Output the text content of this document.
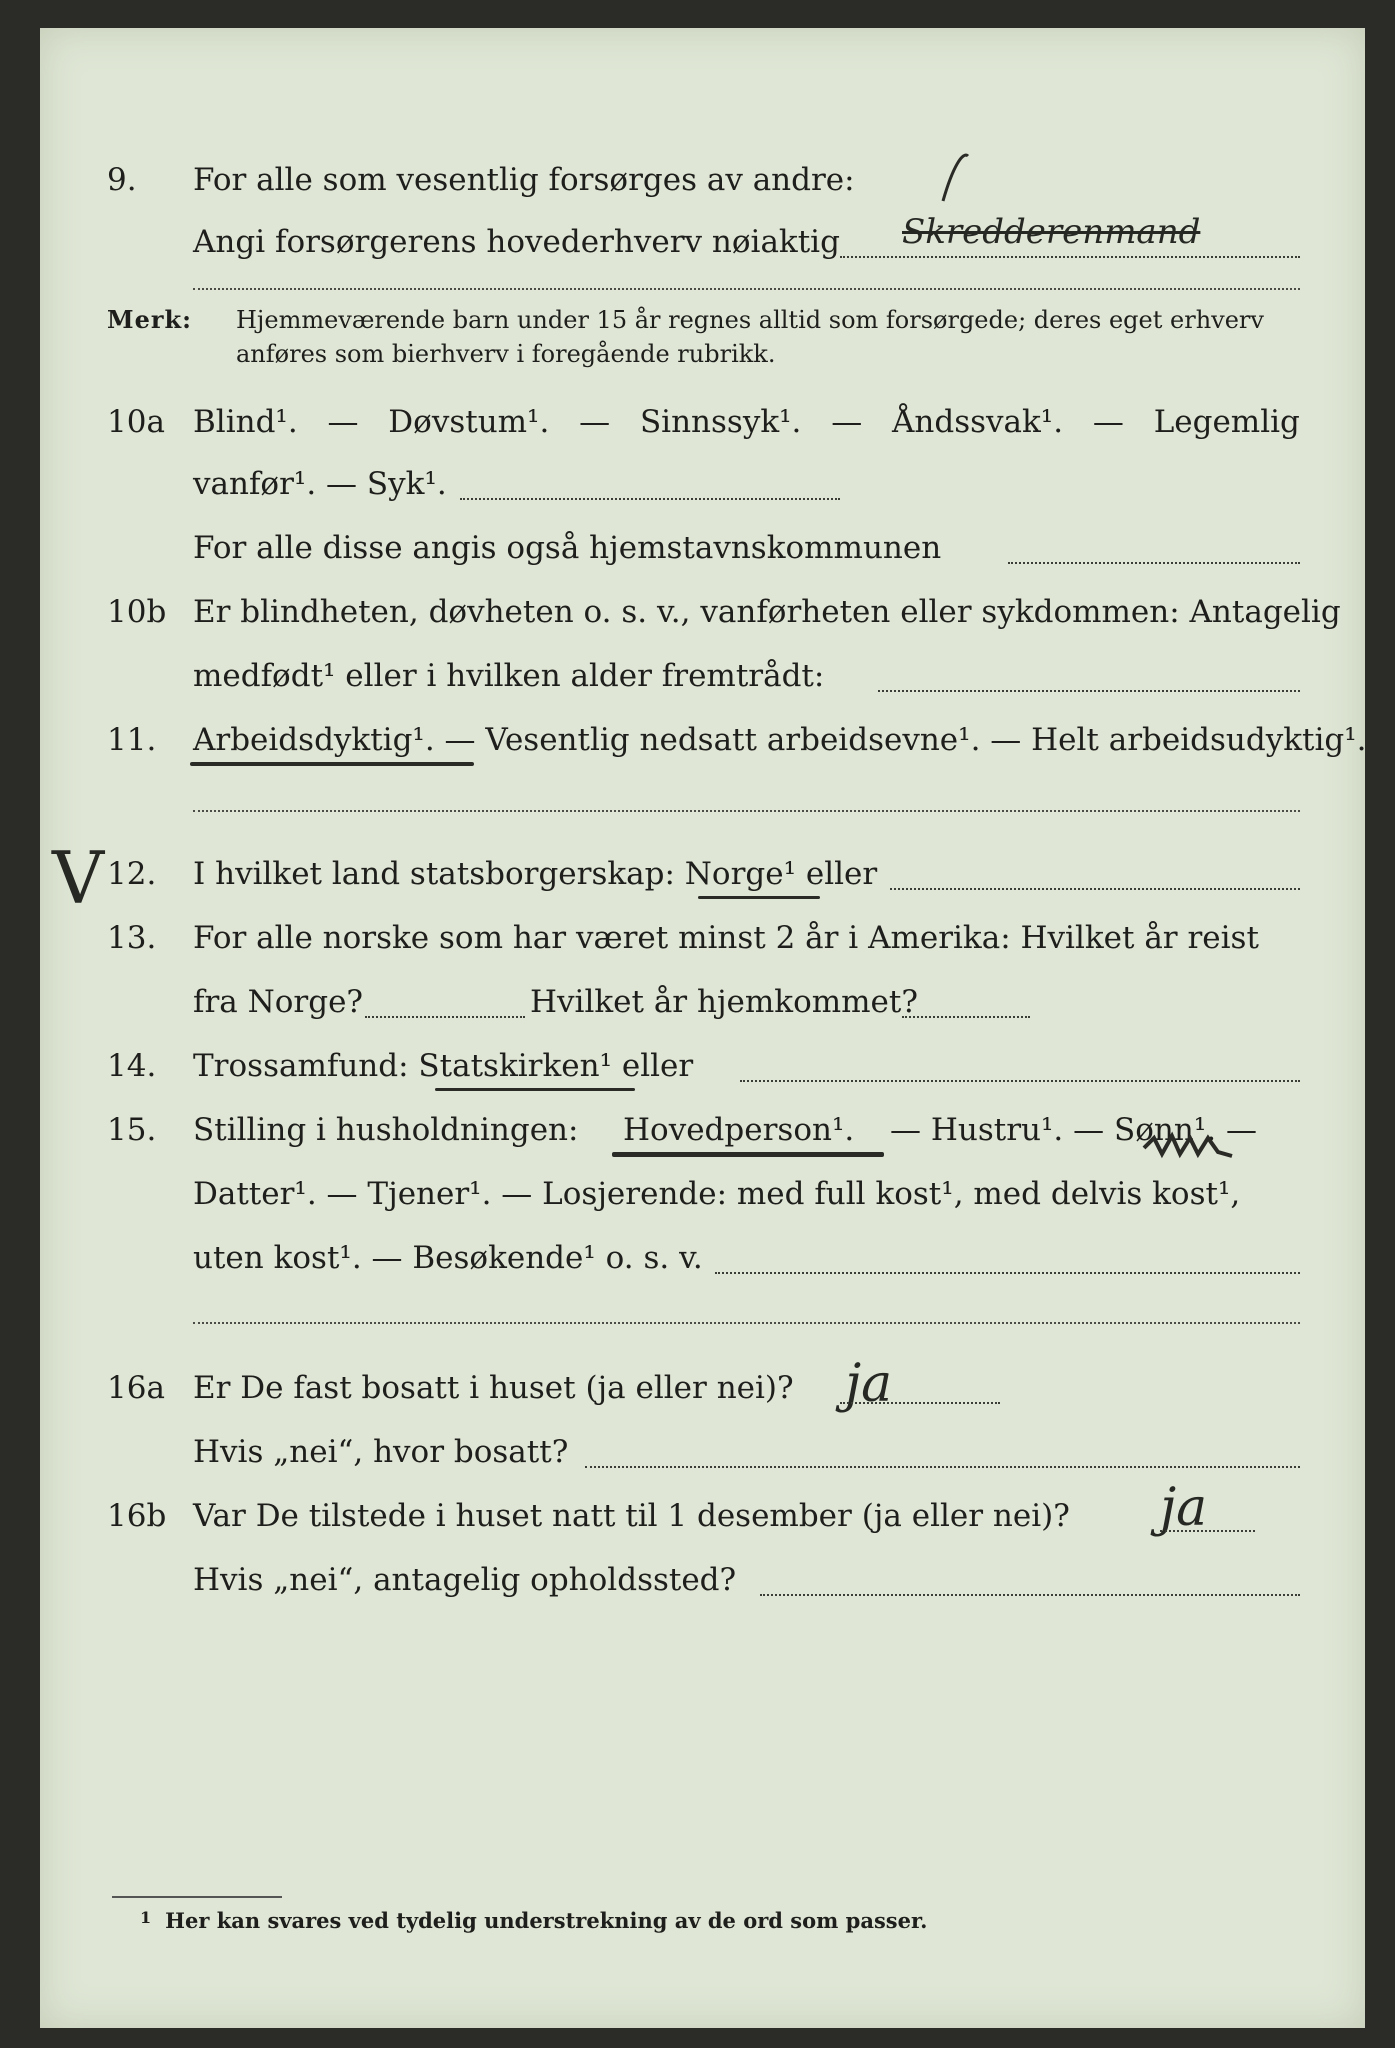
9.	For alle som vesentlig forsørges av andre:
Angi forsørgerens hovederhverv nøiaktig Skredderenmand
Merk: Hjemmeværende barn under 15 år regnes alltid som forsørgede; deres eget erhverv anføres som bierhverv i foregående rubrikk.
10a Blind¹. — Døvstum¹. — Sinnssyk¹. — Åndssvak¹. — Legemlig
vanfør¹. — Syk¹.
For alle disse angis også hjemstavnskommunen
10b Er blindheten, døvheten o. s. v., vanførheten eller sykdommen: Antagelig
medfødt¹ eller i hvilken alder fremtrådt:
11.	Arbeidsdyktig¹. — Vesentlig nedsatt arbeidsevne¹. — Helt arbeidsudyktig¹.
V 12.	I hvilket land statsborgerskap: Norge¹ eller
13.	For alle norske som har været minst 2 år i Amerika: Hvilket år reist
fra Norge?	Hvilket år hjemkommet?
14.	Trossamfund: Statskirken¹ eller
15.	Stilling i husholdningen: Hovedperson¹. — Hustru¹. — Sønn¹. —
Datter¹. — Tjener¹. — Losjerende: med full kost¹, med delvis kost¹,
uten kost¹. — Besøkende¹ o. s. v.
16a Er De fast bosatt i huset (ja eller nei)? ja
Hvis „nei“, hvor bosatt?
16b Var De tilstede i huset natt til 1 desember (ja eller nei)? ja
Hvis „nei“, antagelig opholdssted?
$^1$ Her kan svares ved tydelig understrekning av de ord som passer.
